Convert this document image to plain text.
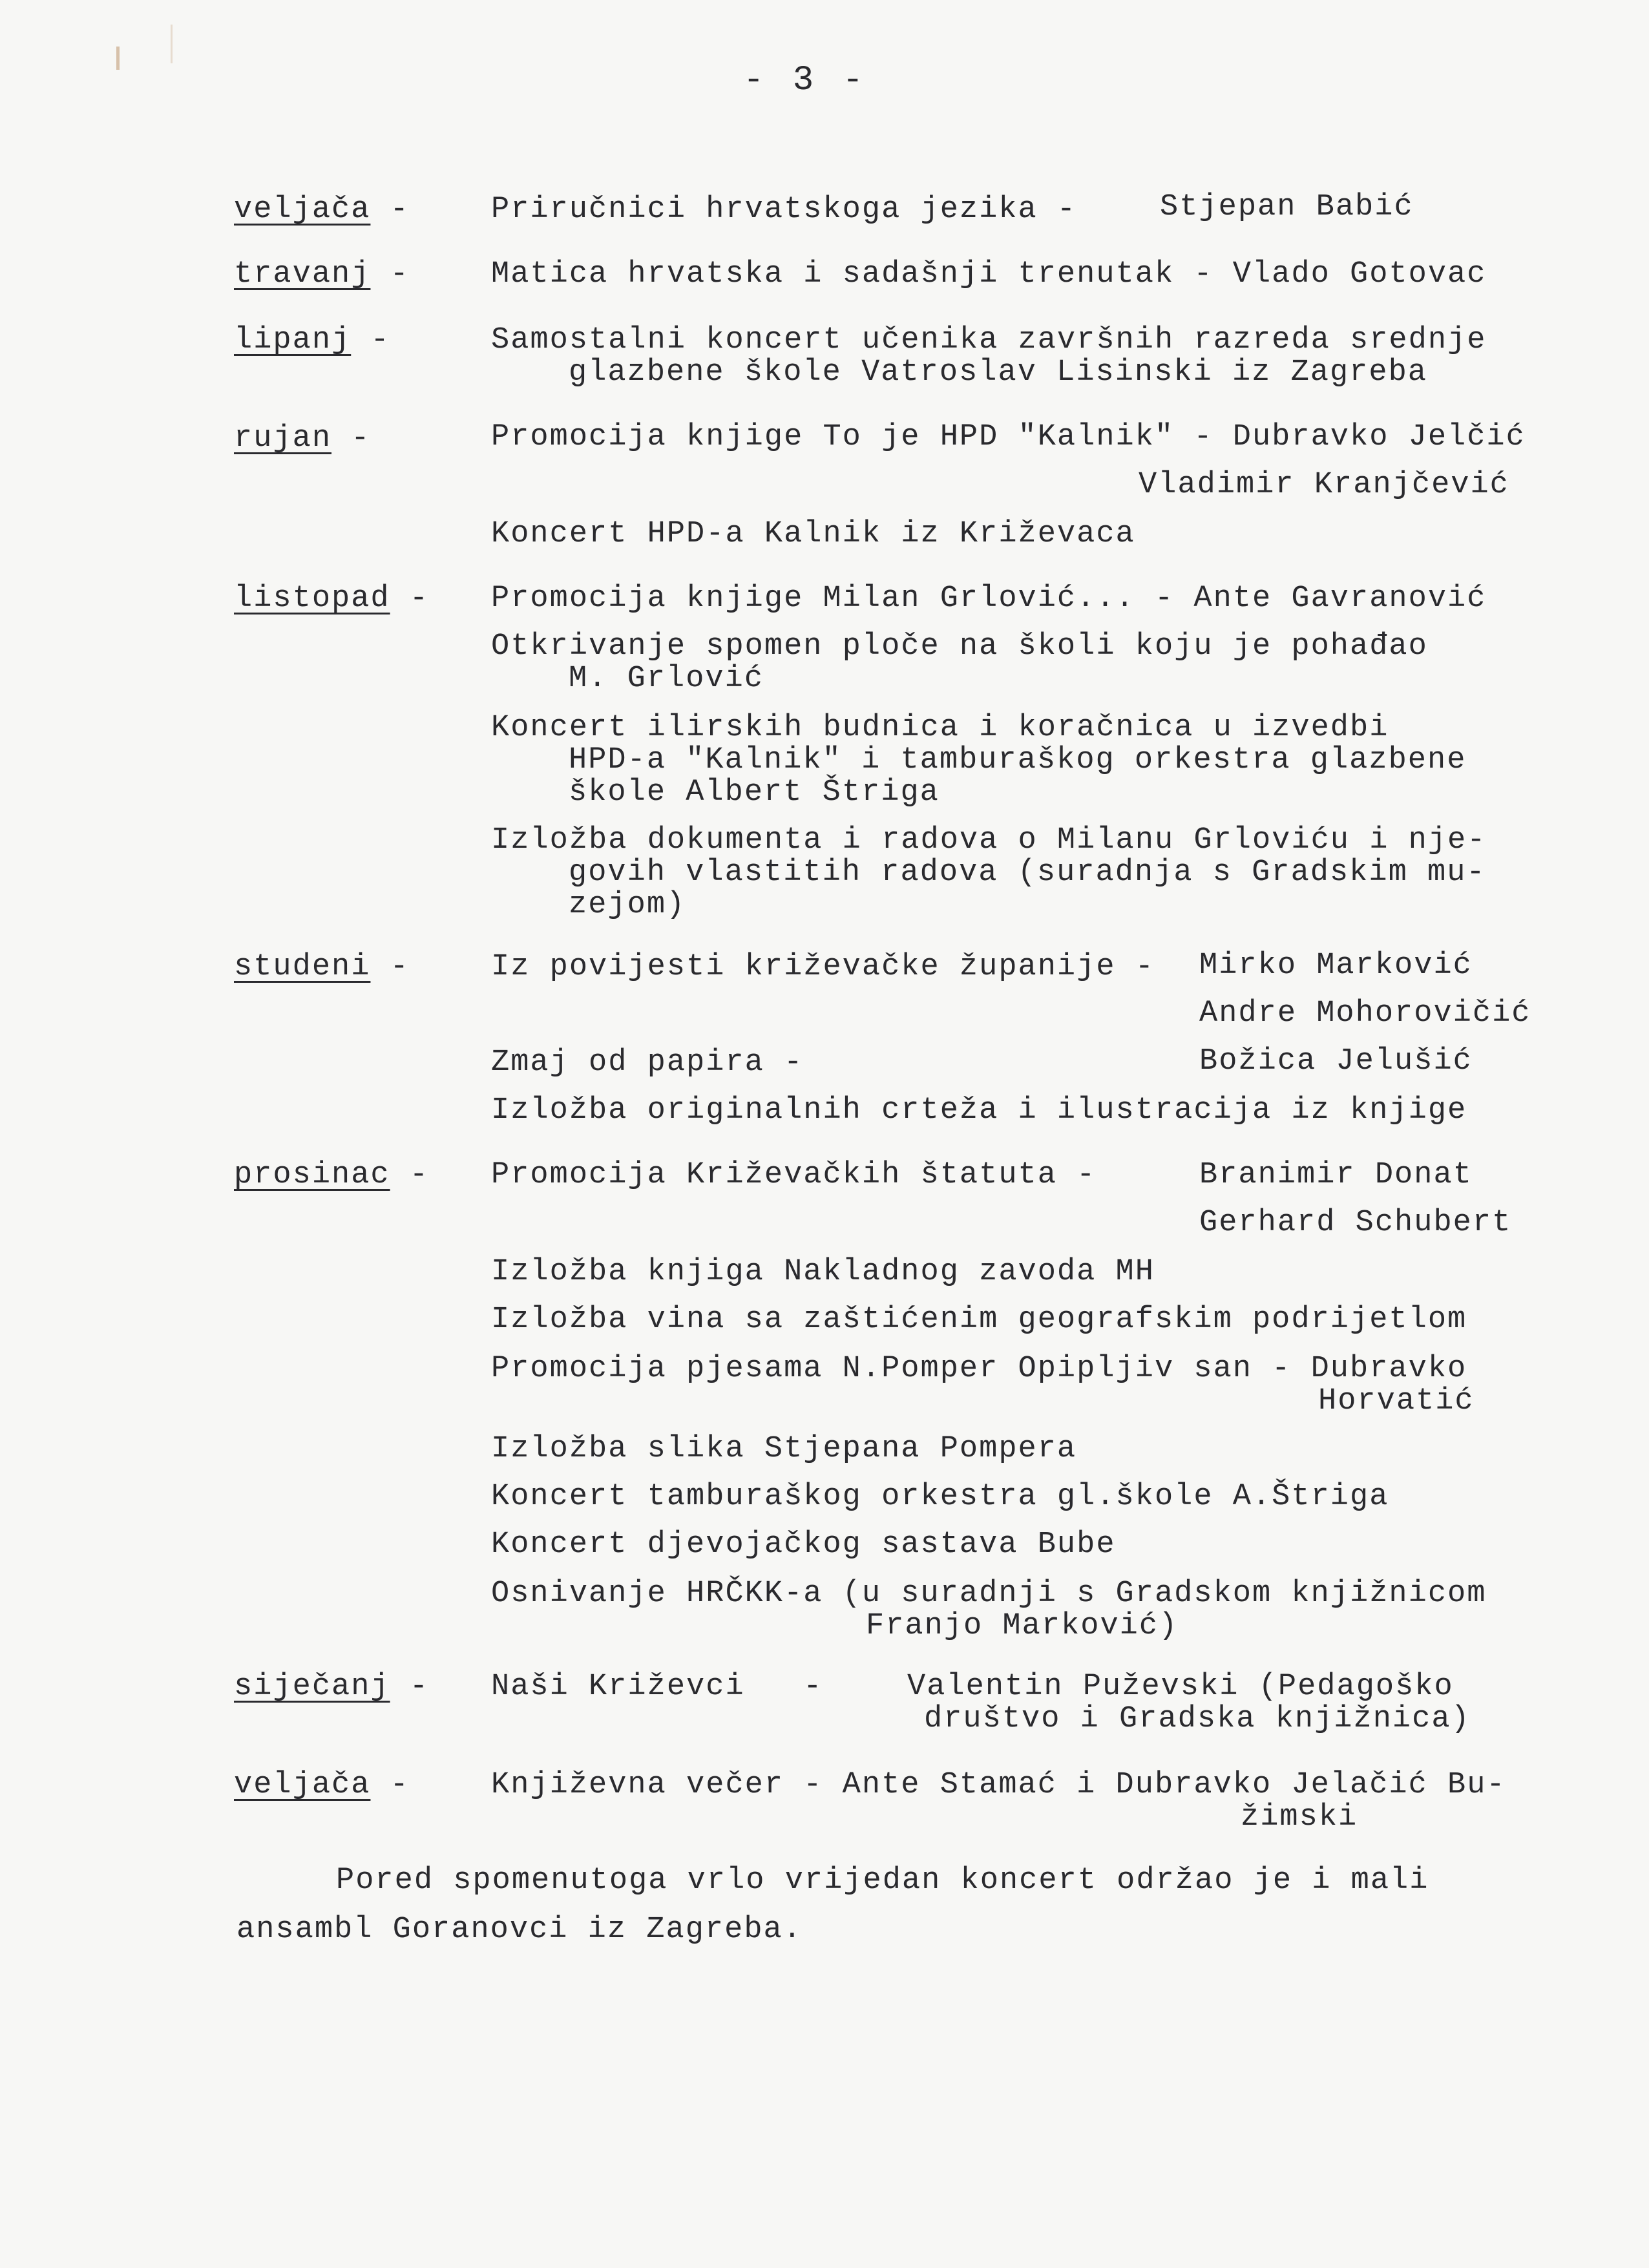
- 3 -
veljača -	Priručnici hrvatskoga jezika -	Stjepan Babić
travanj -	Matica hrvatska i sadašnji trenutak - Vlado Gotovac
lipanj -	Samostalni koncert učenika završnih razreda srednje
glazbene škole Vatroslav Lisinski iz Zagreba
rujan -	Promocija knjige To je HPD "Kalnik" - Dubravko Jelčić
Vladimir Kranjčević
Koncert HPD-a Kalnik iz Križevaca
listopad - Promocija knjige Milan Grlović... - Ante Gavranović
Otkrivanje spomen ploče na školi koju je pohađao
M. Grlović
Koncert ilirskih budnica i koračnica u izvedbi
HPD-a "Kalnik" i tamburaškog orkestra glazbene
škole Albert Štriga
Izložba dokumenta i radova o Milanu Grloviću i nje-
govih vlastitih radova (suradnja s Gradskim mu-
zejom)
studeni -	Iz povijesti križevačke županije - Mirko Marković
Andre Mohorovičić
Zmaj od papira -	Božica Jelušić
Izložba originalnih crteža i ilustracija iz knjige
prosinac - Promocija Križevačkih štatuta -	Branimir Donat
Gerhard Schubert
Izložba knjiga Nakladnog zavoda MH
Izložba vina sa zaštićenim geografskim podrijetlom
Promocija pjesama N.Pomper Opipljiv san - Dubravko
Horvatić
Izložba slika Stjepana Pompera
Koncert tamburaškog orkestra gl.škole A.Štriga
Koncert djevojačkog sastava Bube
Osnivanje HRČKK-a (u suradnji s Gradskom knjižnicom
Franjo Marković)
siječanj - Naši Križevci   -	Valentin Puževski (Pedagoško
društvo i Gradska knjižnica)
veljača -	Književna večer - Ante Stamać i Dubravko Jelačić Bu-
žimski
Pored spomenutoga vrlo vrijedan koncert održao je i mali
ansambl Goranovci iz Zagreba.
